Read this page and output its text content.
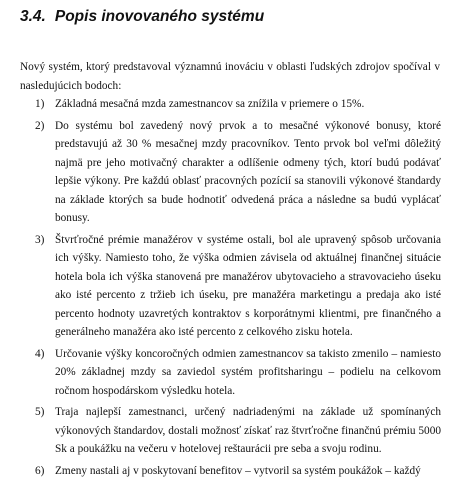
3.4. Popis inovovaného systému

Nový systém, ktorý predstavoval významnú inováciu v oblasti ľudských zdrojov spočíval v nasledujúcich bodoch:

1) Základná mesačná mzda zamestnancov sa znížila v priemere o 15%.
2) Do systému bol zavedený nový prvok a to mesačné výkonové bonusy, ktoré predstavujú až 30 % mesačnej mzdy pracovníkov. Tento prvok bol veľmi dôležitý najmä pre jeho motivačný charakter a odlíšenie odmeny tých, ktorí budú podávať lepšie výkony. Pre každú oblasť pracovných pozícií sa stanovili výkonové štandardy na základe ktorých sa bude hodnotiť odvedená práca a následne sa budú vyplácať bonusy.
3) Štvrťročné prémie manažérov v systéme ostali, bol ale upravený spôsob určovania ich výšky. Namiesto toho, že výška odmien závisela od aktuálnej finančnej situácie hotela bola ich výška stanovená pre manažérov ubytovacieho a stravovacieho úseku ako isté percento z tržieb ich úseku, pre manažéra marketingu a predaja ako isté percento hodnoty uzavretých kontraktov s korporátnymi klientmi, pre finančného a generálneho manažéra ako isté percento z celkového zisku hotela.
4) Určovanie výšky koncoročných odmien zamestnancov sa takisto zmenilo – namiesto 20% základnej mzdy sa zaviedol systém profitsharingu – podielu na celkovom ročnom hospodárskom výsledku hotela.
5) Traja najlepší zamestnanci, určený nadriadenými na základe už spomínaných výkonových štandardov, dostali možnosť získať raz štvrťročne finančnú prémiu 5000 Sk a poukážku na večeru v hotelovej reštaurácii pre seba a svoju rodinu.
6) Zmeny nastali aj v poskytovaní benefitov – vytvoril sa systém poukážok – každý
